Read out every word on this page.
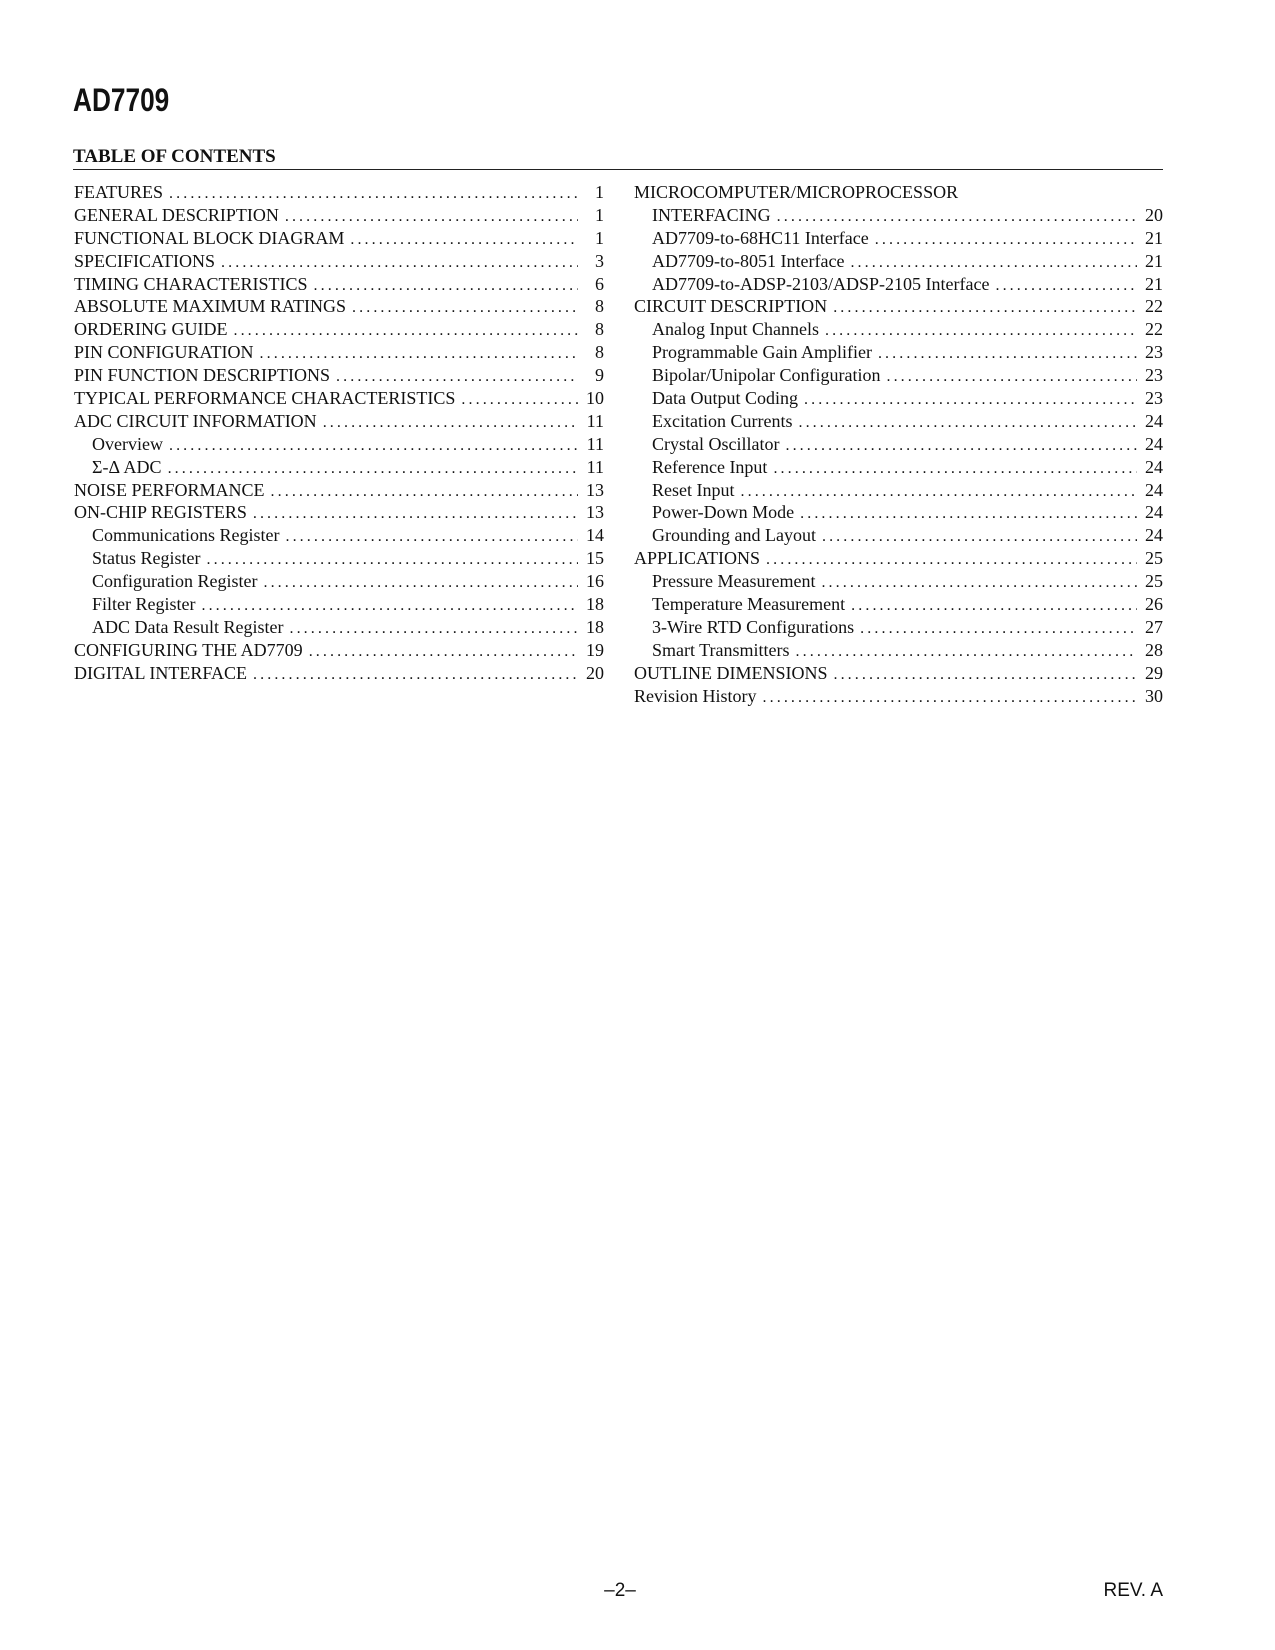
AD7709
TABLE OF CONTENTS
FEATURES .....	1
GENERAL DESCRIPTION .....	1
FUNCTIONAL BLOCK DIAGRAM .....	1
SPECIFICATIONS .....	3
TIMING CHARACTERISTICS .....	6
ABSOLUTE MAXIMUM RATINGS .....	8
ORDERING GUIDE .....	8
PIN CONFIGURATION .....	8
PIN FUNCTION DESCRIPTIONS .....	9
TYPICAL PERFORMANCE CHARACTERISTICS .....	10
ADC CIRCUIT INFORMATION .....	11
Overview .....	11
Σ-Δ ADC .....	11
NOISE PERFORMANCE .....	13
ON-CHIP REGISTERS .....	13
Communications Register .....	14
Status Register .....	15
Configuration Register .....	16
Filter Register .....	18
ADC Data Result Register .....	18
CONFIGURING THE AD7709 .....	19
DIGITAL INTERFACE .....	20
MICROCOMPUTER/MICROPROCESSOR
INTERFACING .....	20
AD7709-to-68HC11 Interface .....	21
AD7709-to-8051 Interface .....	21
AD7709-to-ADSP-2103/ADSP-2105 Interface .....	21
CIRCUIT DESCRIPTION .....	22
Analog Input Channels .....	22
Programmable Gain Amplifier .....	23
Bipolar/Unipolar Configuration .....	23
Data Output Coding .....	23
Excitation Currents .....	24
Crystal Oscillator .....	24
Reference Input .....	24
Reset Input .....	24
Power-Down Mode .....	24
Grounding and Layout .....	24
APPLICATIONS .....	25
Pressure Measurement .....	25
Temperature Measurement .....	26
3-Wire RTD Configurations .....	27
Smart Transmitters .....	28
OUTLINE DIMENSIONS .....	29
Revision History .....	30
–2–	REV. A
